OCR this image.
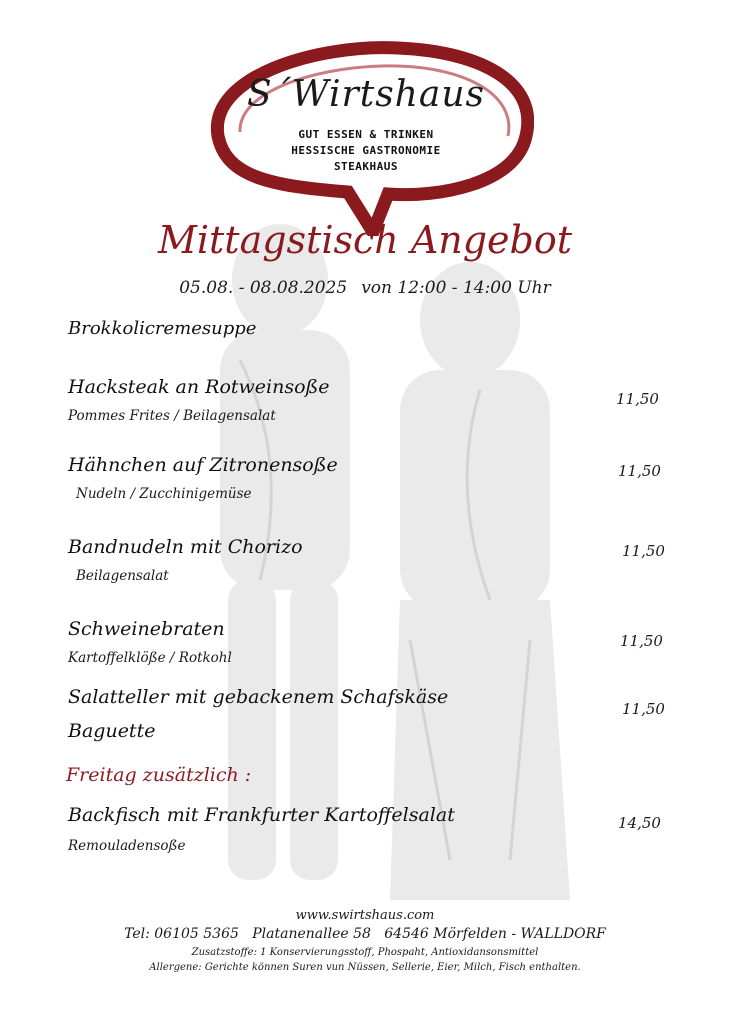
S´Wirtshaus
GUT ESSEN & TRINKEN
HESSISCHE GASTRONOMIE
STEAKHAUS
Mittagstisch Angebot
05.08. - 08.08.2025 von 12:00 - 14:00 Uhr
Brokkolicremesuppe
Hacksteak an Rotweinsoße
Pommes Frites / Beilagensalat
11,50
Hähnchen auf Zitronensoße
Nudeln / Zucchinigemüse
11,50
Bandnudeln mit Chorizo
Beilagensalat
11,50
Schweinebraten
Kartoffelklöße / Rotkohl
11,50
Salatteller mit gebackenem Schafskäse
Baguette
11,50
Freitag zusätzlich :
Backfisch mit Frankfurter Kartoffelsalat
Remouladensoße
14,50
www.swirtshaus.com
Tel: 06105 5365   Platanenallee 58   64546 Mörfelden - WALLDORF
Zusatzstoffe: 1 Konservierungsstoff, Phospaht, Antioxidansonsmittel
Allergene: Gerichte können Suren vun Nüssen, Sellerie, Eier, Milch, Fisch enthalten.
